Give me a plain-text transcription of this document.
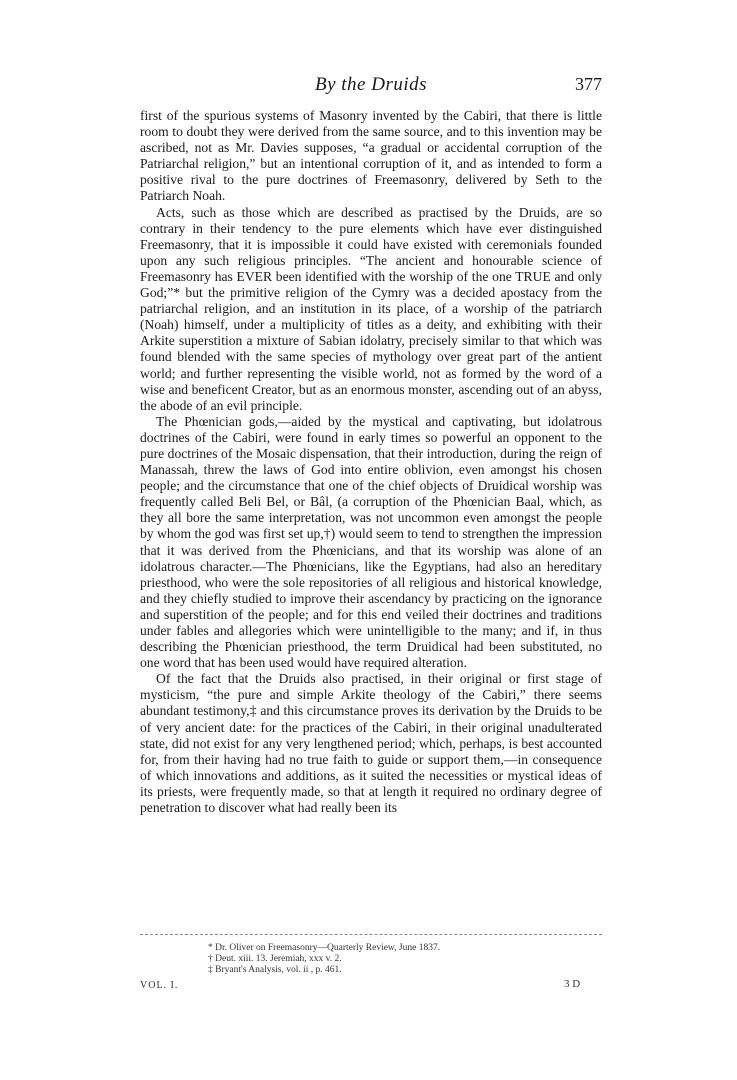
By the Druids	377

first of the spurious systems of Masonry invented by the Cabiri, that there is little room to doubt they were derived from the same source, and to this invention may be ascribed, not as Mr. Davies supposes, “a gradual or accidental corruption of the Patriarchal religion,” but an intentional corruption of it, and as intended to form a positive rival to the pure doctrines of Freemasonry, delivered by Seth to the Patriarch Noah.

Acts, such as those which are described as practised by the Druids, are so contrary in their tendency to the pure elements which have ever distinguished Freemasonry, that it is impossible it could have existed with ceremonials founded upon any such religious principles. “The ancient and honourable science of Freemasonry has EVER been identified with the worship of the one TRUE and only God;”* but the primitive religion of the Cymry was a decided apostacy from the patriarchal religion, and an institution in its place, of a worship of the patriarch (Noah) himself, under a multiplicity of titles as a deity, and exhibiting with their Arkite superstition a mixture of Sabian idolatry, precisely similar to that which was found blended with the same species of mythology over great part of the antient world; and further representing the visible world, not as formed by the word of a wise and beneficent Creator, but as an enormous monster, ascending out of an abyss, the abode of an evil principle.

The Phœnician gods,—aided by the mystical and captivating, but idolatrous doctrines of the Cabiri, were found in early times so powerful an opponent to the pure doctrines of the Mosaic dispensation, that their introduction, during the reign of Manassah, threw the laws of God into entire oblivion, even amongst his chosen people; and the circumstance that one of the chief objects of Druidical worship was frequently called Beli Bel, or Bâl, (a corruption of the Phœnician Baal, which, as they all bore the same interpretation, was not uncommon even amongst the people by whom the god was first set up,†) would seem to tend to strengthen the impression that it was derived from the Phœnicians, and that its worship was alone of an idolatrous character.—The Phœnicians, like the Egyptians, had also an hereditary priesthood, who were the sole repositories of all religious and historical knowledge, and they chiefly studied to improve their ascendancy by practicing on the ignorance and superstition of the people; and for this end veiled their doctrines and traditions under fables and allegories which were unintelligible to the many; and if, in thus describing the Phœnician priesthood, the term Druidical had been substituted, no one word that has been used would have required alteration.

Of the fact that the Druids also practised, in their original or first stage of mysticism, “the pure and simple Arkite theology of the Cabiri,” there seems abundant testimony,‡ and this circumstance proves its derivation by the Druids to be of very ancient date: for the practices of the Cabiri, in their original unadulterated state, did not exist for any very lengthened period; which, perhaps, is best accounted for, from their having had no true faith to guide or support them,—in consequence of which innovations and additions, as it suited the necessities or mystical ideas of its priests, were frequently made, so that at length it required no ordinary degree of penetration to discover what had really been its

* Dr. Oliver on Freemasonry—Quarterly Review, June 1837.
† Deut. xiii. 13. Jeremiah, xxx v. 2.
‡ Bryant's Analysis, vol. ii , p. 461.
VOL. I.	3 D
